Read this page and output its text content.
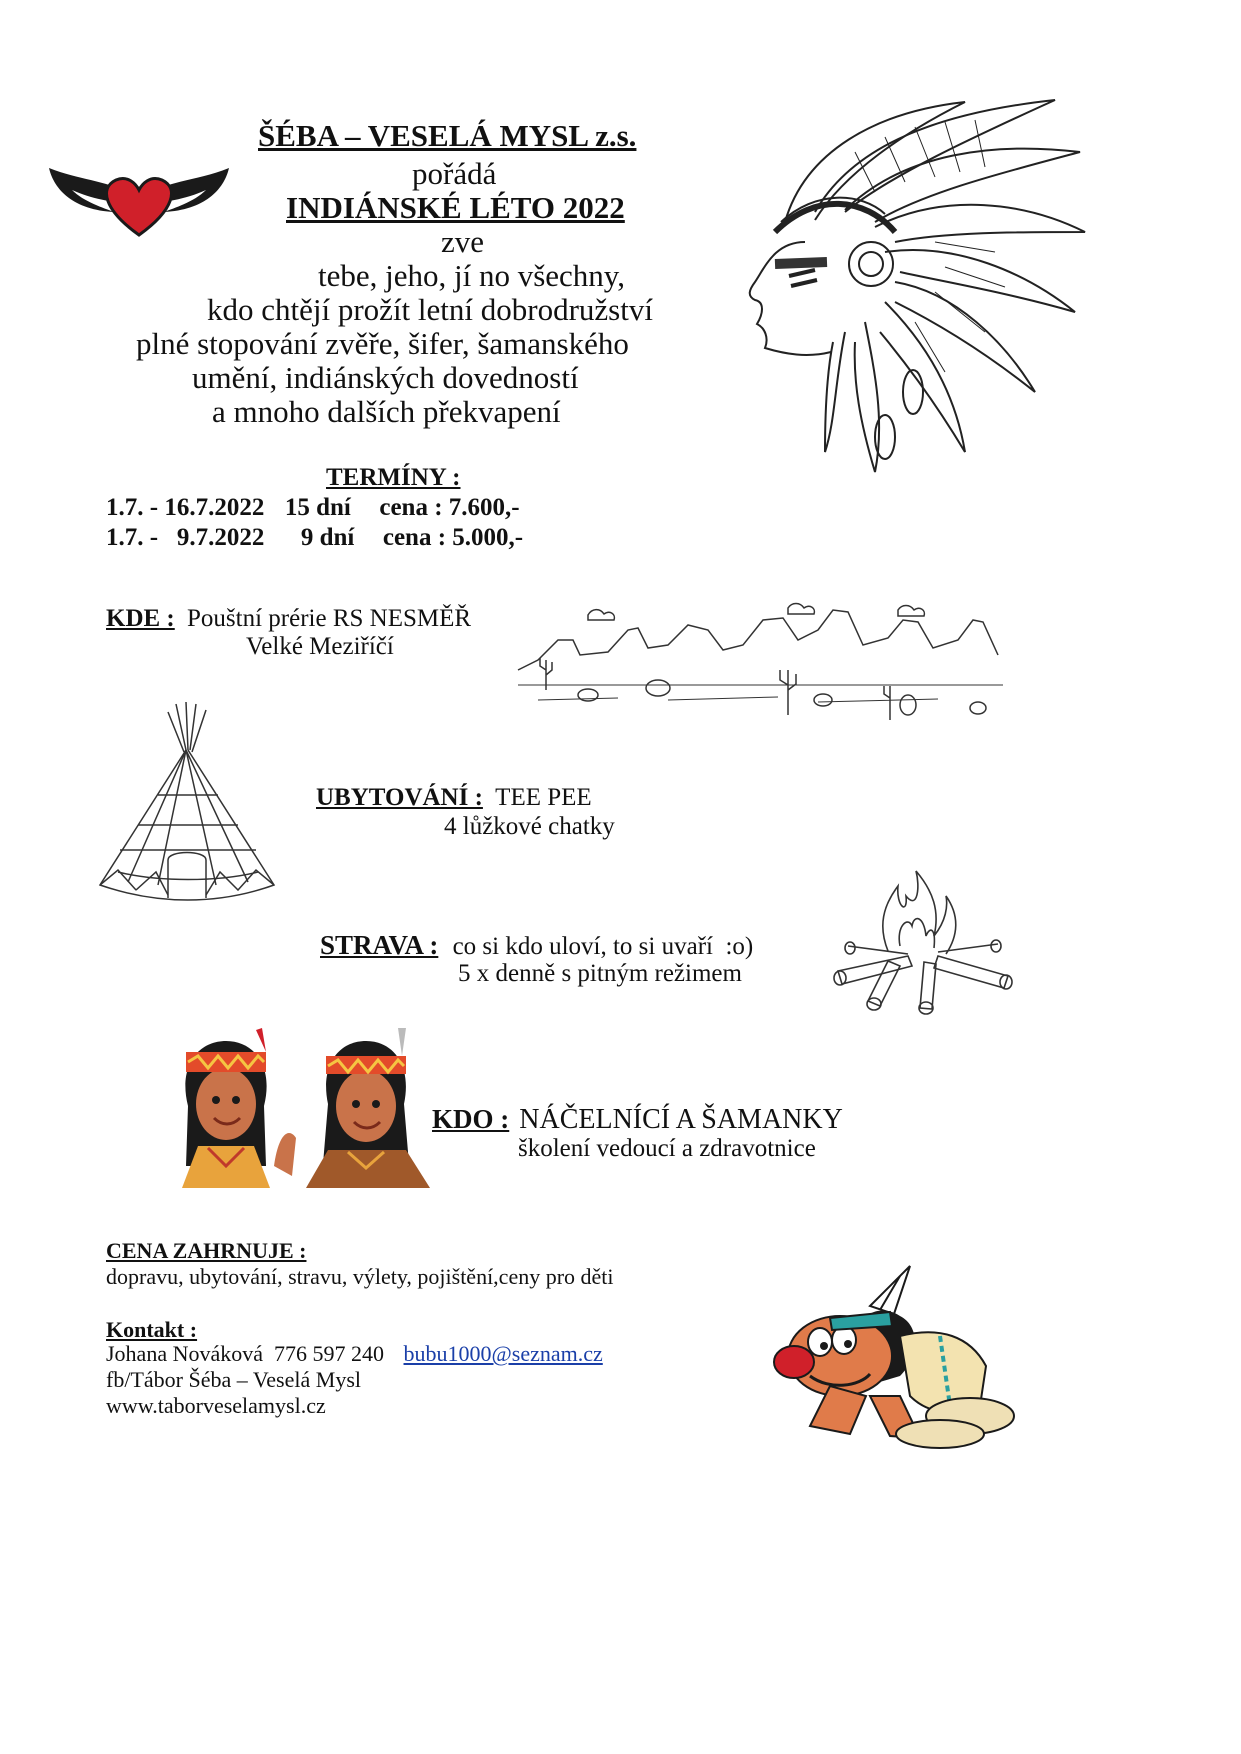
ŠÉBA – VESELÁ MYSL z.s.
pořádá
INDIÁNSKÉ LÉTO 2022
zve
tebe, jeho, jí no všechny,
kdo chtějí prožít letní dobrodružství
plné stopování zvěře, šifer, šamanského
umění, indiánských dovedností
a mnoho dalších překvapení
TERMÍNY :
1.7. - 16.7.2022 15 dní cena : 7.600,-
1.7. -   9.7.2022 9 dní cena : 5.000,-
KDE : Pouštní prérie RS NESMĚŘ
Velké Meziříčí
UBYTOVÁNÍ : TEE PEE
4 lůžkové chatky
STRAVA : co si kdo uloví, to si uvaří  :o)
5 x denně s pitným režimem
KDO : NÁČELNÍCÍ A ŠAMANKY
školení vedoucí a zdravotnice
CENA ZAHRNUJE :
dopravu, ubytování, stravu, výlety, pojištění,ceny pro děti
Kontakt :
Johana Nováková  776 597 240 bubu1000@seznam.cz
fb/Tábor Šéba – Veselá Mysl
www.taborveselamysl.cz
